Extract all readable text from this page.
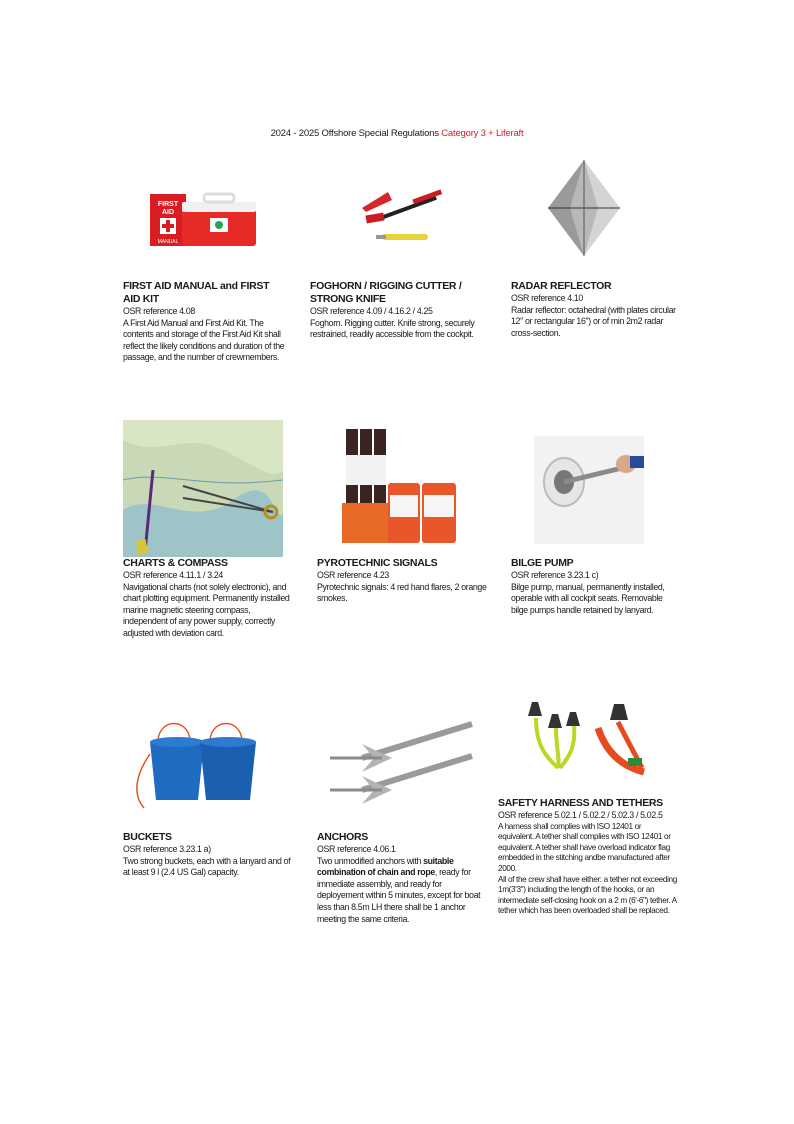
2024 - 2025 Offshore Special Regulations Category 3 + Liferaft
FIRST
AID
MANUAL
FIRST AID MANUAL and FIRST AID KIT
OSR reference 4.08
A First Aid Manual and First Aid Kit. The contents and storage of the First Aid Kit shall reflect the likely conditions and duration of the passage, and the number of crewmembers.
FOGHORN / RIGGING CUTTER / STRONG KNIFE
OSR reference 4.09 / 4.16.2 / 4.25
Foghorn. Rigging cutter. Knife strong, securely restrained, readily accessible from the cockpit.
RADAR REFLECTOR
OSR reference 4.10
Radar reflector: octahedral (with plates circular 12" or rectangular 16") or of min 2m2 radar cross-section.
CHARTS & COMPASS
OSR reference 4.11.1 / 3.24
Navigational charts (not solely electronic), and chart plotting equipment. Permanently installed marine magnetic steering compass, independent of any power supply, correctly adjusted with deviation card.
PYROTECHNIC SIGNALS
OSR reference 4.23
Pyrotechnic signals: 4 red hand flares, 2 orange smokes.
BILGE PUMP
OSR reference 3.23.1 c)
Bilge pump, manual, permanently installed, operable with all cockpit seats. Removable bilge pumps handle retained by lanyard.
BUCKETS
OSR reference 3.23.1 a)
Two strong buckets, each with a lanyard and of at least 9 l (2.4 US Gal) capacity.
ANCHORS
OSR reference 4.06.1
Two unmodified anchors with suitable combination of chain and rope, ready for immediate assembly, and ready for deployement within 5 minutes, except for boat less than 8.5m LH there shall be 1 anchor meeting the same criteria.
SAFETY HARNESS AND TETHERS
OSR reference 5.02.1 / 5.02.2 / 5.02.3 / 5.02.5
A harness shall complies with ISO 12401 or equivalent. A tether shall complies with ISO 12401 or equivalent. A tether shall have overload indicator flag embedded in the stitching andbe manufactured after 2000.
All of the crew shall have either: a tether not exceeding 1m(3'3") including the length of the hooks, or an intermediate self-closing hook on a 2 m (6'-6") tether. A tether which has been overloaded shall be replaced.
